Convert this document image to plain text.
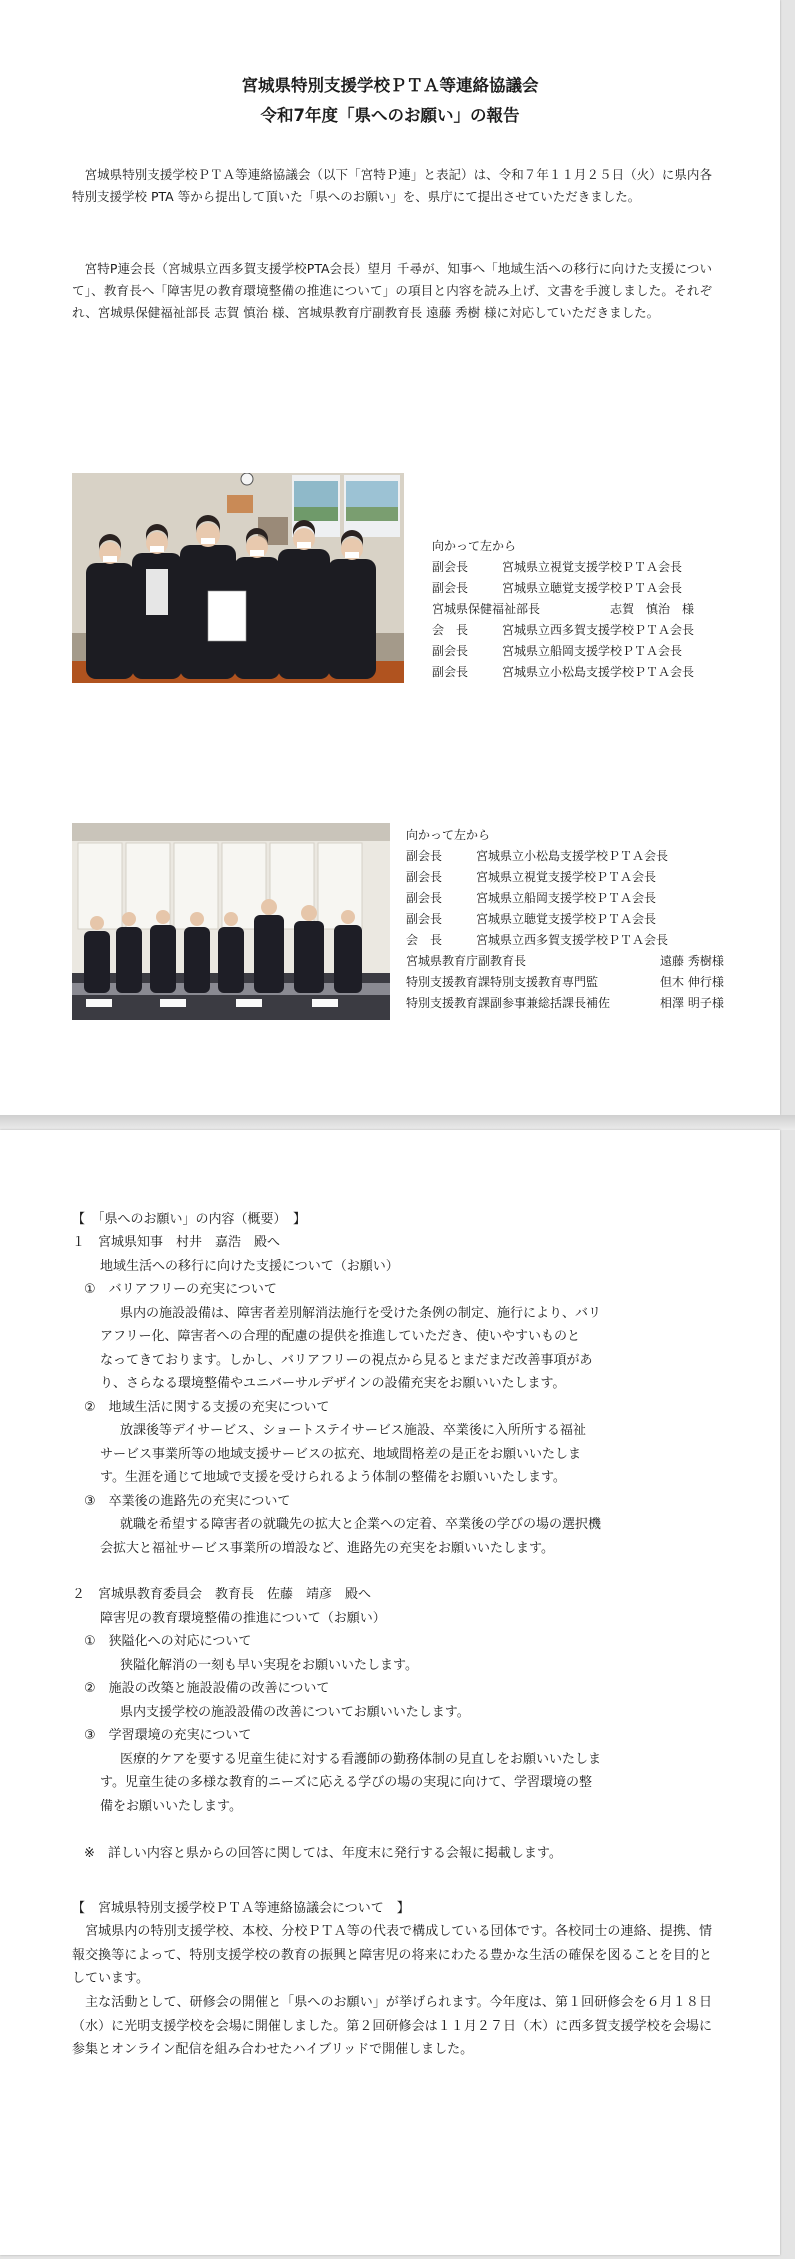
宮城県特別支援学校ＰＴＡ等連絡協議会
令和7年度「県へのお願い」の報告

　宮城県特別支援学校ＰＴＡ等連絡協議会（以下「宮特Ｐ連」と表記）は、令和７年１１月２５日（火）に県内各特別支援学校 PTA 等から提出して頂いた「県へのお願い」を、県庁にて提出させていただきました。

　宮特P連会長（宮城県立西多賀支援学校PTA会長）望月 千尋が、知事へ「地域生活への移行に向けた支援について」、教育長へ「障害児の教育環境整備の推進について」の項目と内容を読み上げ、文書を手渡しました。それぞれ、宮城県保健福祉部長 志賀 慎治 様、宮城県教育庁副教育長 遠藤 秀樹 様に対応していただきました。

向かって左から
副会長	宮城県立視覚支援学校ＰＴＡ会長
副会長	宮城県立聴覚支援学校ＰＴＡ会長
宮城県保健福祉部長	志賀　慎治　様
会　長	宮城県立西多賀支援学校ＰＴＡ会長
副会長	宮城県立船岡支援学校ＰＴＡ会長
副会長	宮城県立小松島支援学校ＰＴＡ会長
向かって左から
副会長	宮城県立小松島支援学校ＰＴＡ会長
副会長	宮城県立視覚支援学校ＰＴＡ会長
副会長	宮城県立船岡支援学校ＰＴＡ会長
副会長	宮城県立聴覚支援学校ＰＴＡ会長
会　長	宮城県立西多賀支援学校ＰＴＡ会長
宮城県教育庁副教育長	遠藤 秀樹様
特別支援教育課特別支援教育専門監	但木 伸行様
特別支援教育課副参事兼総括課長補佐	相澤 明子様
【　「県へのお願い」の内容（概要）　】
１　宮城県知事　村井　嘉浩　殿へ
地域生活への移行に向けた支援について（お願い）
①　バリアフリーの充実について
県内の施設設備は、障害者差別解消法施行を受けた条例の制定、施行により、バリ
アフリー化、障害者への合理的配慮の提供を推進していただき、使いやすいものと
なってきております。しかし、バリアフリーの視点から見るとまだまだ改善事項があ
り、さらなる環境整備やユニバーサルデザインの設備充実をお願いいたします。
②　地域生活に関する支援の充実について
放課後等デイサービス、ショートステイサービス施設、卒業後に入所所する福祉
サービス事業所等の地域支援サービスの拡充、地域間格差の是正をお願いいたしま
す。生涯を通じて地域で支援を受けられるよう体制の整備をお願いいたします。
③　卒業後の進路先の充実について
就職を希望する障害者の就職先の拡大と企業への定着、卒業後の学びの場の選択機
会拡大と福祉サービス事業所の増設など、進路先の充実をお願いいたします。
２　宮城県教育委員会　教育長　佐藤　靖彦　殿へ
障害児の教育環境整備の推進について（お願い）
①　狭隘化への対応について
狭隘化解消の一刻も早い実現をお願いいたします。
②　施設の改築と施設設備の改善について
県内支援学校の施設設備の改善についてお願いいたします。
③　学習環境の充実について
医療的ケアを要する児童生徒に対する看護師の勤務体制の見直しをお願いいたしま
す。児童生徒の多様な教育的ニーズに応える学びの場の実現に向けて、学習環境の整
備をお願いいたします。
※　詳しい内容と県からの回答に関しては、年度末に発行する会報に掲載します。
【　宮城県特別支援学校ＰＴＡ等連絡協議会について　】

　宮城県内の特別支援学校、本校、分校ＰＴＡ等の代表で構成している団体です。各校同士の連絡、提携、情報交換等によって、特別支援学校の教育の振興と障害児の将来にわたる豊かな生活の確保を図ることを目的としています。

　主な活動として、研修会の開催と「県へのお願い」が挙げられます。今年度は、第１回研修会を６月１８日（水）に光明支援学校を会場に開催しました。第２回研修会は１１月２７日（木）に西多賀支援学校を会場に参集とオンライン配信を組み合わせたハイブリッドで開催しました。
